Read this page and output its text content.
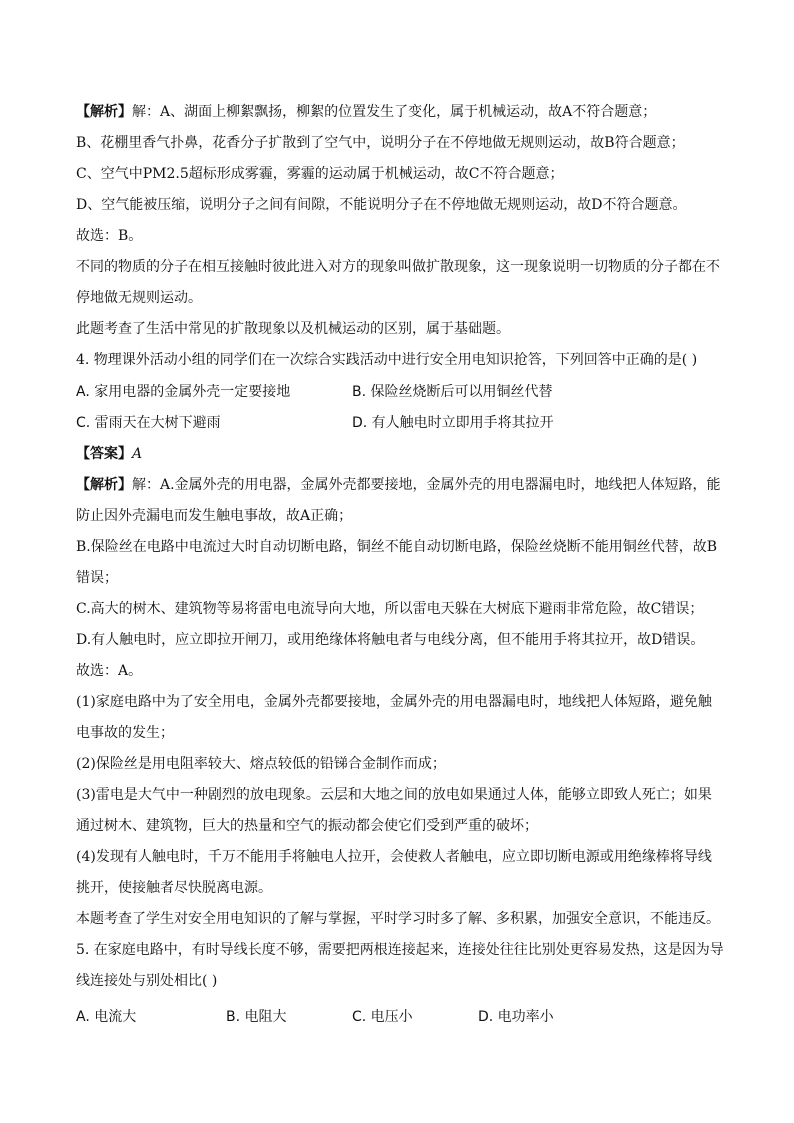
【解析】解：A、湖面上柳絮飘扬，柳絮的位置发生了变化，属于机械运动，故A不符合题意；
B、花棚里香气扑鼻，花香分子扩散到了空气中，说明分子在不停地做无规则运动，故B符合题意；
C、空气中PM2.5超标形成雾霾，雾霾的运动属于机械运动，故C不符合题意；
D、空气能被压缩，说明分子之间有间隙，不能说明分子在不停地做无规则运动，故D不符合题意。
故选：B。
不同的物质的分子在相互接触时彼此进入对方的现象叫做扩散现象，这一现象说明一切物质的分子都在不
停地做无规则运动。
此题考查了生活中常见的扩散现象以及机械运动的区别，属于基础题。
4. 物理课外活动小组的同学们在一次综合实践活动中进行安全用电知识抢答，下列回答中正确的是( )
A. 家用电器的金属外壳一定要接地	B. 保险丝烧断后可以用铜丝代替
C. 雷雨天在大树下避雨	D. 有人触电时立即用手将其拉开
【答案】A
【解析】解：A.金属外壳的用电器，金属外壳都要接地，金属外壳的用电器漏电时，地线把人体短路，能
防止因外壳漏电而发生触电事故，故A正确；
B.保险丝在电路中电流过大时自动切断电路，铜丝不能自动切断电路，保险丝烧断不能用铜丝代替，故B
错误；
C.高大的树木、建筑物等易将雷电电流导向大地，所以雷电天躲在大树底下避雨非常危险，故C错误；
D.有人触电时，应立即拉开闸刀，或用绝缘体将触电者与电线分离，但不能用手将其拉开，故D错误。
故选：A。
(1)家庭电路中为了安全用电，金属外壳都要接地，金属外壳的用电器漏电时，地线把人体短路，避免触
电事故的发生；
(2)保险丝是用电阻率较大、熔点较低的铅锑合金制作而成；
(3)雷电是大气中一种剧烈的放电现象。云层和大地之间的放电如果通过人体，能够立即致人死亡；如果
通过树木、建筑物，巨大的热量和空气的振动都会使它们受到严重的破坏；
(4)发现有人触电时，千万不能用手将触电人拉开，会使救人者触电，应立即切断电源或用绝缘棒将导线
挑开，使接触者尽快脱离电源。
本题考查了学生对安全用电知识的了解与掌握，平时学习时多了解、多积累，加强安全意识，不能违反。
5. 在家庭电路中，有时导线长度不够，需要把两根连接起来，连接处往往比别处更容易发热，这是因为导
线连接处与别处相比( )
A. 电流大	B. 电阻大	C. 电压小	D. 电功率小
